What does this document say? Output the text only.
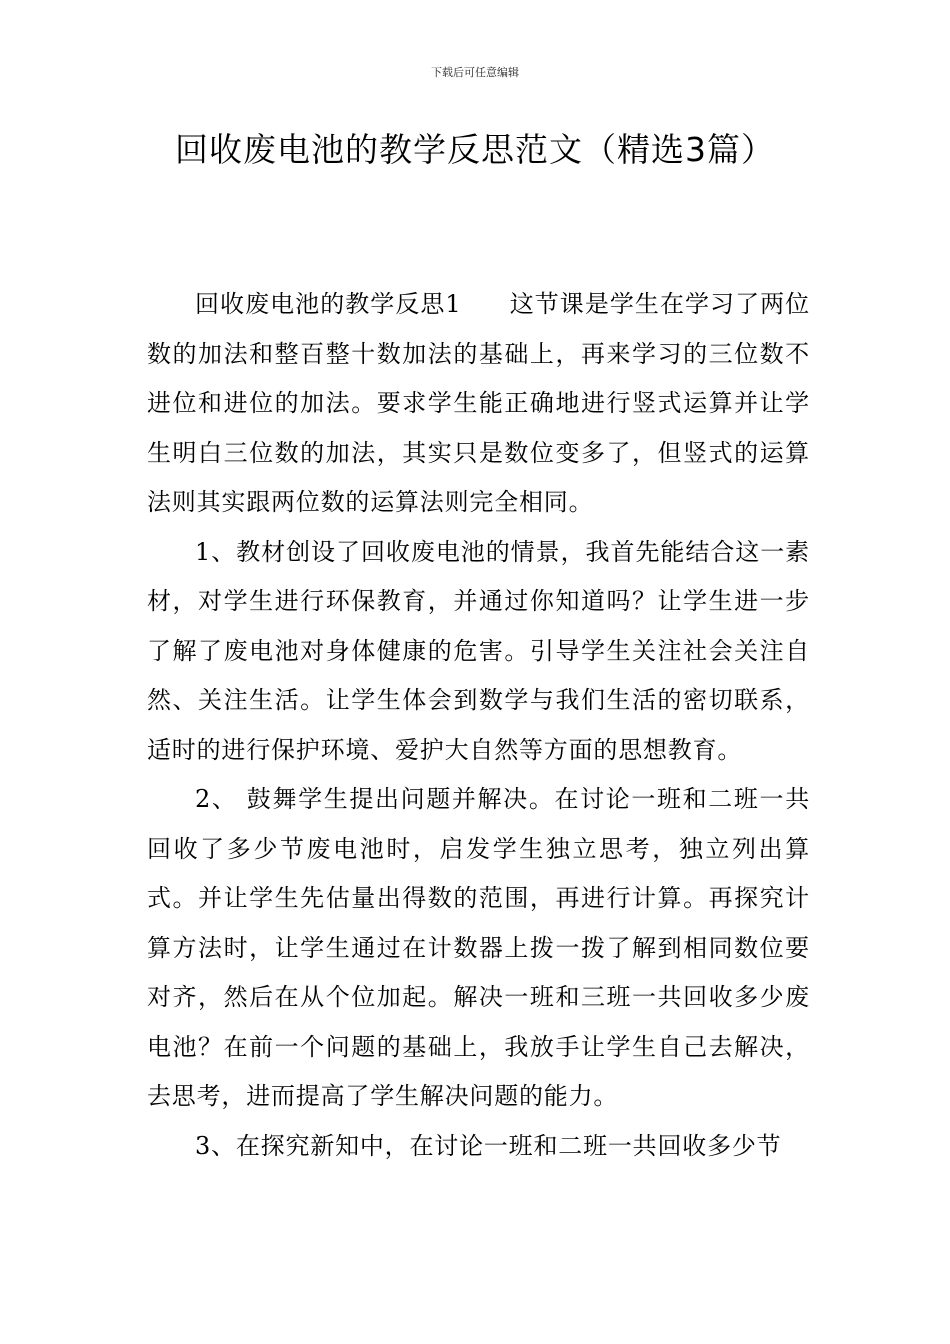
下载后可任意编辑
回收废电池的教学反思范文（精选3篇）

回收废电池的教学反思1 这节课是学生在学习了两位数的加法和整百整十数加法的基础上，再来学习的三位数不进位和进位的加法。要求学生能正确地进行竖式运算并让学生明白三位数的加法，其实只是数位变多了，但竖式的运算法则其实跟两位数的运算法则完全相同。

1、教材创设了回收废电池的情景，我首先能结合这一素材，对学生进行环保教育，并通过你知道吗？让学生进一步了解了废电池对身体健康的危害。引导学生关注社会关注自然、关注生活。让学生体会到数学与我们生活的密切联系，适时的进行保护环境、爱护大自然等方面的思想教育。

2、 鼓舞学生提出问题并解决。在讨论一班和二班一共回收了多少节废电池时，启发学生独立思考，独立列出算式。并让学生先估量出得数的范围，再进行计算。再探究计算方法时，让学生通过在计数器上拨一拨了解到相同数位要对齐，然后在从个位加起。解决一班和三班一共回收多少废电池？在前一个问题的基础上，我放手让学生自己去解决，去思考，进而提高了学生解决问题的能力。

3、在探究新知中，在讨论一班和二班一共回收多少节
